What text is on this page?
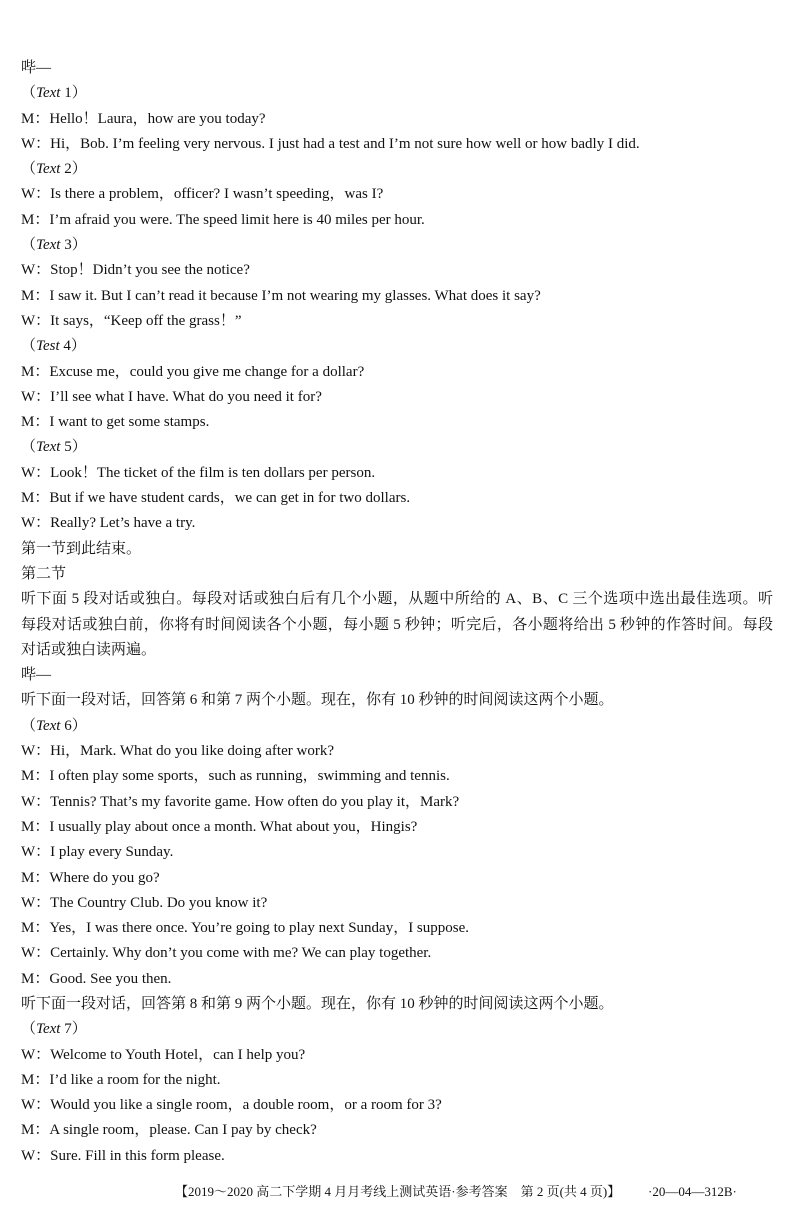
哔—
（Text 1）
M：Hello！Laura，how are you today?
W：Hi，Bob. I’m feeling very nervous. I just had a test and I’m not sure how well or how badly I did.
（Text 2）
W：Is there a problem，officer? I wasn’t speeding，was I?
M：I’m afraid you were. The speed limit here is 40 miles per hour.
（Text 3）
W：Stop！Didn’t you see the notice?
M：I saw it. But I can’t read it because I’m not wearing my glasses. What does it say?
W：It says，“Keep off the grass！”
（Test 4）
M：Excuse me，could you give me change for a dollar?
W：I’ll see what I have. What do you need it for?
M：I want to get some stamps.
（Text 5）
W：Look！The ticket of the film is ten dollars per person.
M：But if we have student cards，we can get in for two dollars.
W：Really? Let’s have a try.
第一节到此结束。
第二节
听下面 5 段对话或独白。每段对话或独白后有几个小题，从题中所给的 A、B、C 三个选项中选出最佳选项。听
每段对话或独白前，你将有时间阅读各个小题，每小题 5 秒钟；听完后，各小题将给出 5 秒钟的作答时间。每段
对话或独白读两遍。
哔—
听下面一段对话，回答第 6 和第 7 两个小题。现在，你有 10 秒钟的时间阅读这两个小题。
（Text 6）
W：Hi，Mark. What do you like doing after work?
M：I often play some sports，such as running，swimming and tennis.
W：Tennis? That’s my favorite game. How often do you play it，Mark?
M：I usually play about once a month. What about you，Hingis?
W：I play every Sunday.
M：Where do you go?
W：The Country Club. Do you know it?
M：Yes，I was there once. You’re going to play next Sunday，I suppose.
W：Certainly. Why don’t you come with me? We can play together.
M：Good. See you then.
听下面一段对话，回答第 8 和第 9 两个小题。现在，你有 10 秒钟的时间阅读这两个小题。
（Text 7）
W：Welcome to Youth Hotel，can I help you?
M：I’d like a room for the night.
W：Would you like a single room，a double room，or a room for 3?
M：A single room，please. Can I pay by check?
W：Sure. Fill in this form please.
【2019～2020 高二下学期 4 月月考线上测试英语·参考答案　第 2 页(共 4 页)】 ·20—04—312B·
